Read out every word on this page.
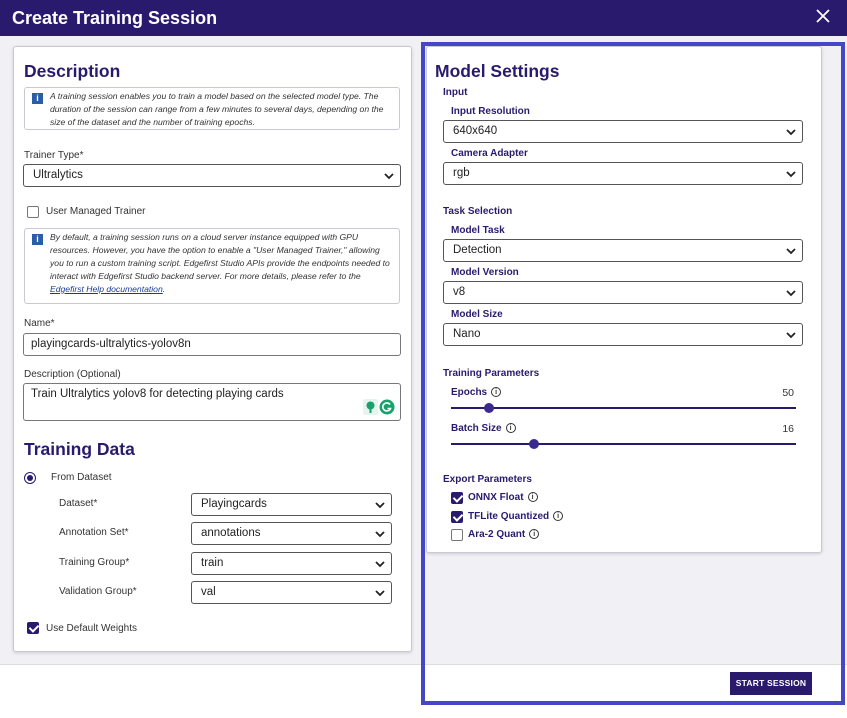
Create Training Session
Description
i	A training session enables you to train a model based on the selected model type. The duration of the session can range from a few minutes to several days, depending on the size of the dataset and the number of training epochs.
Trainer Type*
Ultralytics
User Managed Trainer
i	By default, a training session runs on a cloud server instance equipped with GPU resources. However, you have the option to enable a "User Managed Trainer," allowing you to run a custom training script. Edgefirst Studio APIs provide the endpoints needed to interact with Edgefirst Studio backend server. For more details, please refer to the Edgefirst Help documentation.
Name*
playingcards-ultralytics-yolov8n
Description (Optional)
Train Ultralytics yolov8 for detecting playing cards
Training Data
From Dataset
Dataset*	Playingcards
Annotation Set*	annotations
Training Group*	train
Validation Group*	val
Use Default Weights
Model Settings
Input
Input Resolution
640x640
Camera Adapter
rgb
Task Selection
Model Task
Detection
Model Version
v8
Model Size
Nano
Training Parameters
Epochs i	50
Batch Size i	16
Export Parameters
ONNX Float i
TFLite Quantized i
Ara-2 Quant i
START SESSION
